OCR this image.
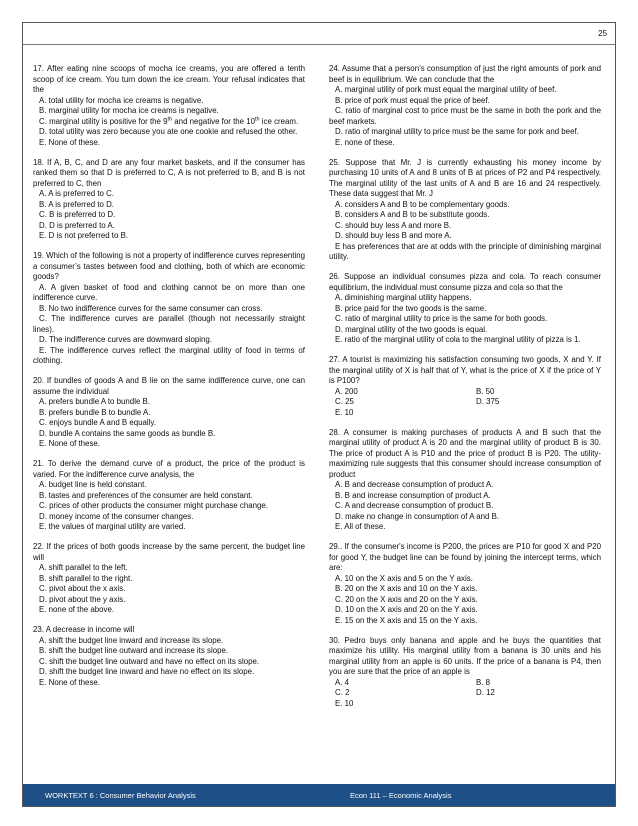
25
17. After eating nine scoops of mocha ice creams, you are offered a tenth scoop of ice cream. You turn down the ice cream. Your refusal indicates that the
A. total utility for mocha ice creams is negative.
B. marginal utility for mocha ice creams is negative.
C. marginal utility is positive for the 9th and negative for the 10th ice cream.
D. total utility was zero because you ate one cookie and refused the other.
E. None of these.
18. If A, B, C, and D are any four market baskets, and if the consumer has ranked them so that D is preferred to C, A is not preferred to B, and B is not preferred to C, then
A. A is preferred to C.
B. A is preferred to D.
C. B is preferred to D.
D. D is preferred to A.
E. D is not preferred to B.
19. Which of the following is not a property of indifference curves representing a consumer’s tastes between food and clothing, both of which are economic goods?
A. A given basket of food and clothing cannot be on more than one indifference curve.
B. No two indifference curves for the same consumer can cross.
C. The indifference curves are parallel (though not necessarily straight lines).
D. The indifference curves are downward sloping.
E. The indifference curves reflect the marginal utility of food in terms of clothing.
20. If bundles of goods A and B lie on the same indifference curve, one can assume the individual
A. prefers bundle A to bundle B.
B. prefers bundle B to bundle A.
C. enjoys bundle A and B equally.
D. bundle A contains the same goods as bundle B.
E. None of these.
21. To derive the demand curve of a product, the price of the product is varied. For the indifference curve analysis, the
A. budget line is held constant.
B. tastes and preferences of the consumer are held constant.
C. prices of other products the consumer might purchase change.
D. money income of the consumer changes.
E. the values of marginal utility are varied.
22. If the prices of both goods increase by the same percent, the budget line will
A. shift parallel to the left.
B. shift parallel to the right.
C. pivot about the x axis.
D. pivot about the y axis.
E. none of the above.
23. A decrease in income will
A. shift the budget line inward and increase its slope.
B. shift the budget line outward and increase its slope.
C. shift the budget line outward and have no effect on its slope.
D. shift the budget line inward and have no effect on its slope.
E. None of these.
24. Assume that a person’s consumption of just the right amounts of pork and beef is in equilibrium. We can conclude that the
A. marginal utility of pork must equal the marginal utility of beef.
B. price of pork must equal the price of beef.
C. ratio of marginal cost to price must be the same in both the pork and the beef markets.
D. ratio of marginal utility to price must be the same for pork and beef.
E. none of these.
25. Suppose that Mr. J is currently exhausting his money income by purchasing 10 units of A and 8 units of B at prices of P2 and P4 respectively. The marginal utility of the last units of A and B are 16 and 24 respectively. These data suggest that Mr. J
A. considers A and B to be complementary goods.
B. considers A and B to be substitute goods.
C. should buy less A and more B.
D. should buy less B and more A.
E has preferences that are at odds with the principle of diminishing marginal utility.
26. Suppose an individual consumes pizza and cola. To reach consumer equilibrium, the individual must consume pizza and cola so that the
A. diminishing marginal utility happens.
B. price paid for the two goods is the same.
C. ratio of marginal utility to price is the same for both goods.
D. marginal utility of the two goods is equal.
E. ratio of the marginal utility of cola to the marginal utility of pizza is 1.
27. A tourist is maximizing his satisfaction consuming two goods, X and Y. If the marginal utility of X is half that of Y, what is the price of X if the price of Y is P100?
A. 200	B. 50
C. 25	D. 375
E. 10
28. A consumer is making purchases of products A and B such that the marginal utility of product A is 20 and the marginal utility of product B is 30. The price of product A is P10 and the price of product B is P20. The utility- maximizing rule suggests that this consumer should increase consumption of product
A. B and decrease consumption of product A.
B. B and increase consumption of product A.
C. A and decrease consumption of product B.
D. make no change in consumption of A and B.
E. All of these.
29.. If the consumer's income is P200, the prices are P10 for good X and P20 for good Y, the budget line can be found by joining the intercept terms, which are:
A. 10 on the X axis and 5 on the Y axis.
B. 20 on the X axis and 10 on the Y axis.
C. 20 on the X axis and 20 on the Y axis.
D. 10 on the X axis and 20 on the Y axis.
E. 15 on the X axis and 15 on the Y axis.
30. Pedro buys only banana and apple and he buys the quantities that maximize his utility. His marginal utility from a banana is 30 units and his marginal utility from an apple is 60 units. If the price of a banana is P4, then you are sure that the price of an apple is
A. 4	B. 8
C. 2	D. 12
E. 10
WORKTEXT 6 : Consumer Behavior Analysis	Econ 111 – Economic Analysis
